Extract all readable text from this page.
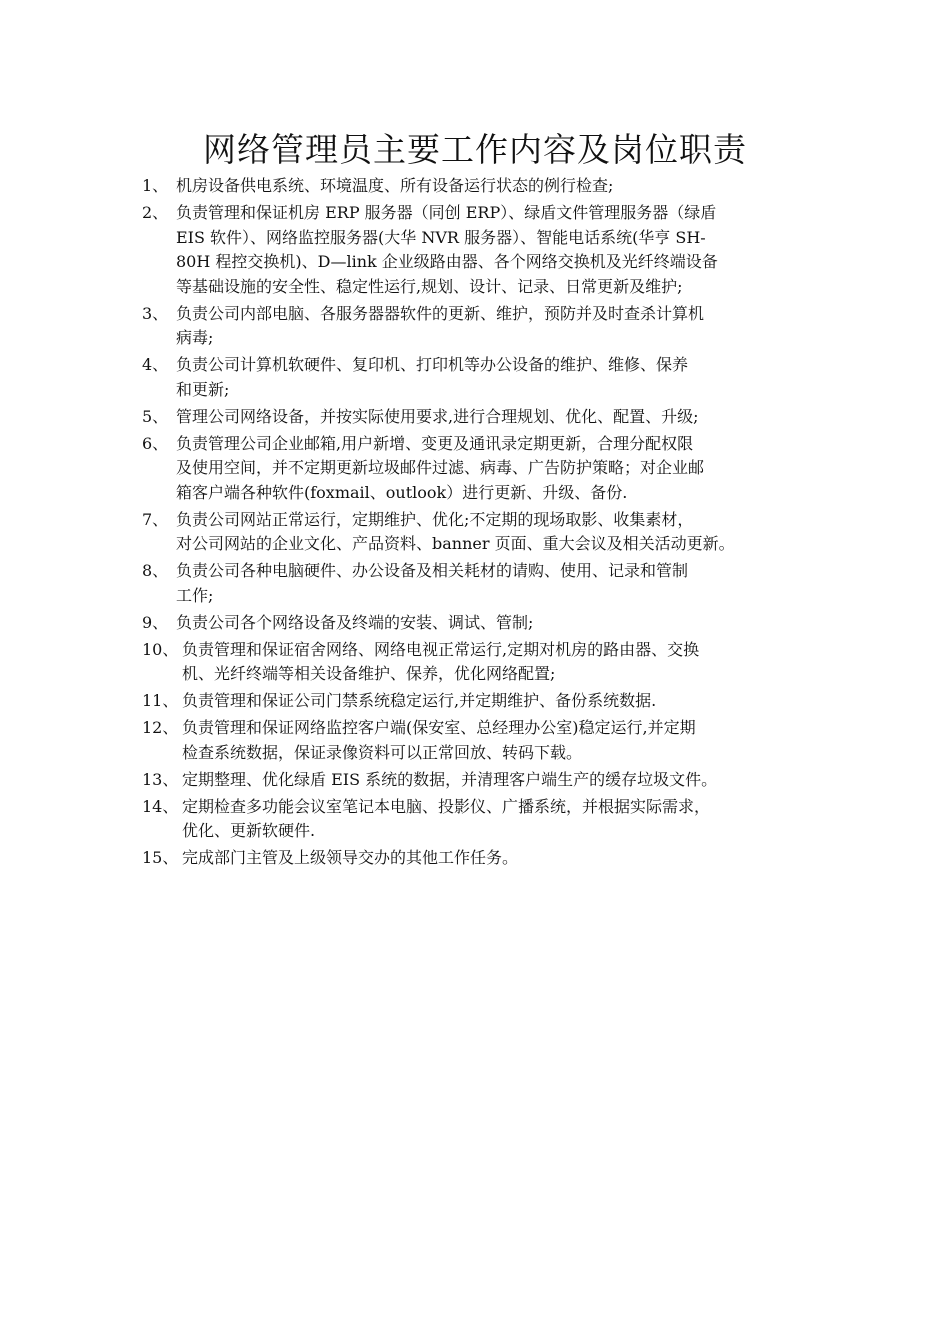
网络管理员主要工作内容及岗位职责
1、 机房设备供电系统、环境温度、所有设备运行状态的例行检查;
2、 负责管理和保证机房 ERP 服务器（同创 ERP）、绿盾文件管理服务器（绿盾
EIS 软件）、网络监控服务器(大华 NVR 服务器）、智能电话系统(华亨 SH-
80H 程控交换机)、D—link 企业级路由器、各个网络交换机及光纤终端设备
等基础设施的安全性、稳定性运行,规划、设计、记录、日常更新及维护;
3、 负责公司内部电脑、各服务器器软件的更新、维护，预防并及时查杀计算机
病毒;
4、 负责公司计算机软硬件、复印机、打印机等办公设备的维护、维修、保养
和更新;
5、 管理公司网络设备，并按实际使用要求,进行合理规划、优化、配置、升级;
6、 负责管理公司企业邮箱,用户新增、变更及通讯录定期更新，合理分配权限
及使用空间，并不定期更新垃圾邮件过滤、病毒、广告防护策略；对企业邮
箱客户端各种软件(foxmail、outlook）进行更新、升级、备份.
7、 负责公司网站正常运行，定期维护、优化;不定期的现场取影、收集素材，
对公司网站的企业文化、产品资料、banner 页面、重大会议及相关活动更新。
8、 负责公司各种电脑硬件、办公设备及相关耗材的请购、使用、记录和管制
工作;
9、 负责公司各个网络设备及终端的安装、调试、管制;
10、 负责管理和保证宿舍网络、网络电视正常运行,定期对机房的路由器、交换
机、光纤终端等相关设备维护、保养，优化网络配置;
11、 负责管理和保证公司门禁系统稳定运行,并定期维护、备份系统数据.
12、 负责管理和保证网络监控客户端(保安室、总经理办公室)稳定运行,并定期
检查系统数据，保证录像资料可以正常回放、转码下载。
13、 定期整理、优化绿盾 EIS 系统的数据，并清理客户端生产的缓存垃圾文件。
14、 定期检查多功能会议室笔记本电脑、投影仪、广播系统，并根据实际需求，
优化、更新软硬件.
15、 完成部门主管及上级领导交办的其他工作任务。
